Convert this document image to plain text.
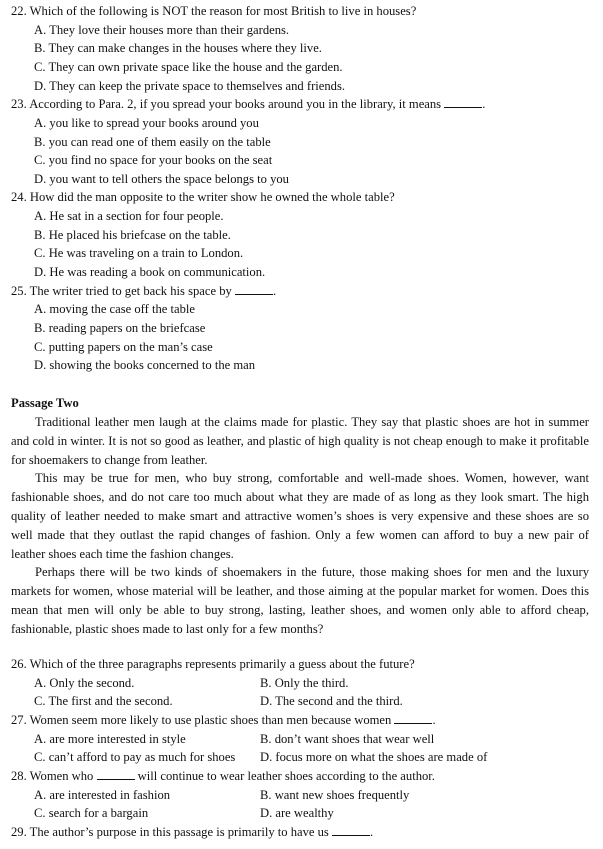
22. Which of the following is NOT the reason for most British to live in houses?
A. They love their houses more than their gardens.
B. They can make changes in the houses where they live.
C. They can own private space like the house and the garden.
D. They can keep the private space to themselves and friends.
23. According to Para. 2, if you spread your books around you in the library, it means	.
A. you like to spread your books around you
B. you can read one of them easily on the table
C. you find no space for your books on the seat
D. you want to tell others the space belongs to you
24. How did the man opposite to the writer show he owned the whole table?
A. He sat in a section for four people.
B. He placed his briefcase on the table.
C. He was traveling on a train to London.
D. He was reading a book on communication.
25. The writer tried to get back his space by	.
A. moving the case off the table
B. reading papers on the briefcase
C. putting papers on the man’s case
D. showing the books concerned to the man
Passage Two
Traditional leather men laugh at the claims made for plastic. They say that plastic shoes are hot in summer and cold in winter. It is not so good as leather, and plastic of high quality is not cheap enough to make it profitable for shoemakers to change from leather.
This may be true for men, who buy strong, comfortable and well-made shoes. Women, however, want fashionable shoes, and do not care too much about what they are made of as long as they look smart. The high quality of leather needed to make smart and attractive women’s shoes is very expensive and these shoes are so well made that they outlast the rapid changes of fashion. Only a few women can afford to buy a new pair of leather shoes each time the fashion changes.
Perhaps there will be two kinds of shoemakers in the future, those making shoes for men and the luxury markets for women, whose material will be leather, and those aiming at the popular market for women. Does this mean that men will only be able to buy strong, lasting, leather shoes, and women only able to afford cheap, fashionable, plastic shoes made to last only for a few months?
26. Which of the three paragraphs represents primarily a guess about the future?
A. Only the second.	B. Only the third.
C. The first and the second.	D. The second and the third.
27. Women seem more likely to use plastic shoes than men because women	.
A. are more interested in style	B. don’t want shoes that wear well
C. can’t afford to pay as much for shoes D. focus more on what the shoes are made of
28. Women who	will continue to wear leather shoes according to the author.
A. are interested in fashion	B. want new shoes frequently
C. search for a bargain	D. are wealthy
29. The author’s purpose in this passage is primarily to have us	.
